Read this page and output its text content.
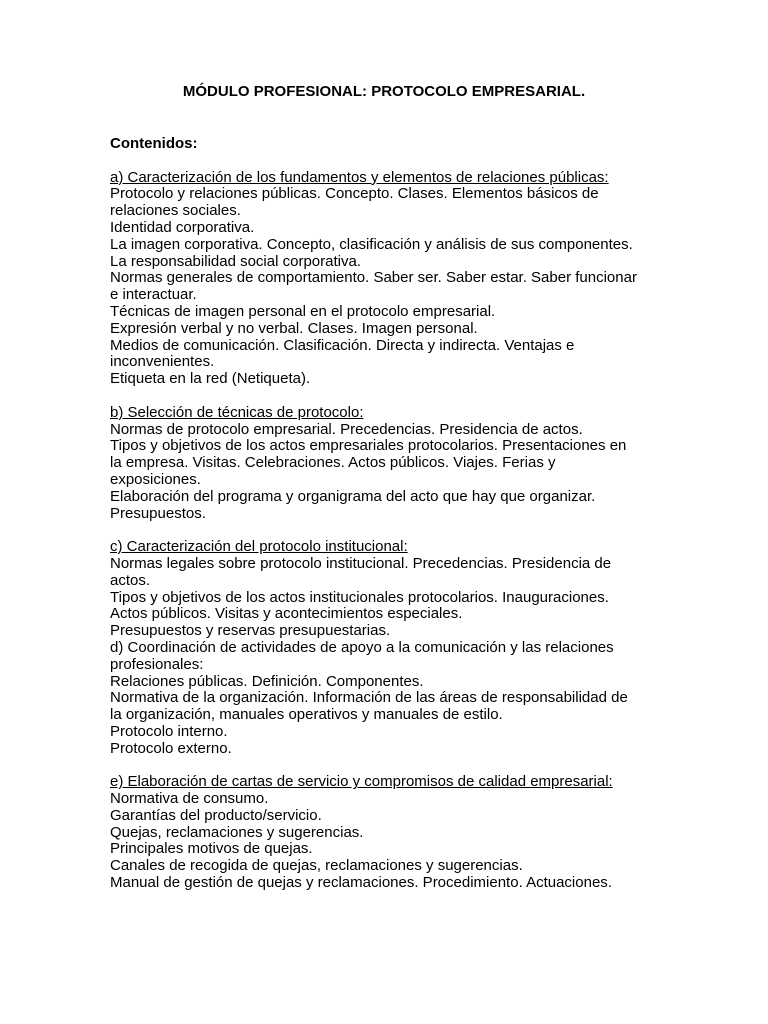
MÓDULO PROFESIONAL: PROTOCOLO EMPRESARIAL.
Contenidos:
a) Caracterización de los fundamentos y elementos de relaciones públicas:
Protocolo y relaciones públicas. Concepto. Clases. Elementos básicos de
relaciones sociales.
Identidad corporativa.
La imagen corporativa. Concepto, clasificación y análisis de sus componentes.
La responsabilidad social corporativa.
Normas generales de comportamiento. Saber ser. Saber estar. Saber funcionar
e interactuar.
Técnicas de imagen personal en el protocolo empresarial.
Expresión verbal y no verbal. Clases. Imagen personal.
Medios de comunicación. Clasificación. Directa y indirecta. Ventajas e
inconvenientes.
Etiqueta en la red (Netiqueta).
b) Selección de técnicas de protocolo:
Normas de protocolo empresarial. Precedencias. Presidencia de actos.
Tipos y objetivos de los actos empresariales protocolarios. Presentaciones en
la empresa. Visitas. Celebraciones. Actos públicos. Viajes. Ferias y
exposiciones.
Elaboración del programa y organigrama del acto que hay que organizar.
Presupuestos.
c) Caracterización del protocolo institucional:
Normas legales sobre protocolo institucional. Precedencias. Presidencia de
actos.
Tipos y objetivos de los actos institucionales protocolarios. Inauguraciones.
Actos públicos. Visitas y acontecimientos especiales.
Presupuestos y reservas presupuestarias.
d) Coordinación de actividades de apoyo a la comunicación y las relaciones
profesionales:
Relaciones públicas. Definición. Componentes.
Normativa de la organización. Información de las áreas de responsabilidad de
la organización, manuales operativos y manuales de estilo.
Protocolo interno.
Protocolo externo.
e) Elaboración de cartas de servicio y compromisos de calidad empresarial:
Normativa de consumo.
Garantías del producto/servicio.
Quejas, reclamaciones y sugerencias.
Principales motivos de quejas.
Canales de recogida de quejas, reclamaciones y sugerencias.
Manual de gestión de quejas y reclamaciones. Procedimiento. Actuaciones.
